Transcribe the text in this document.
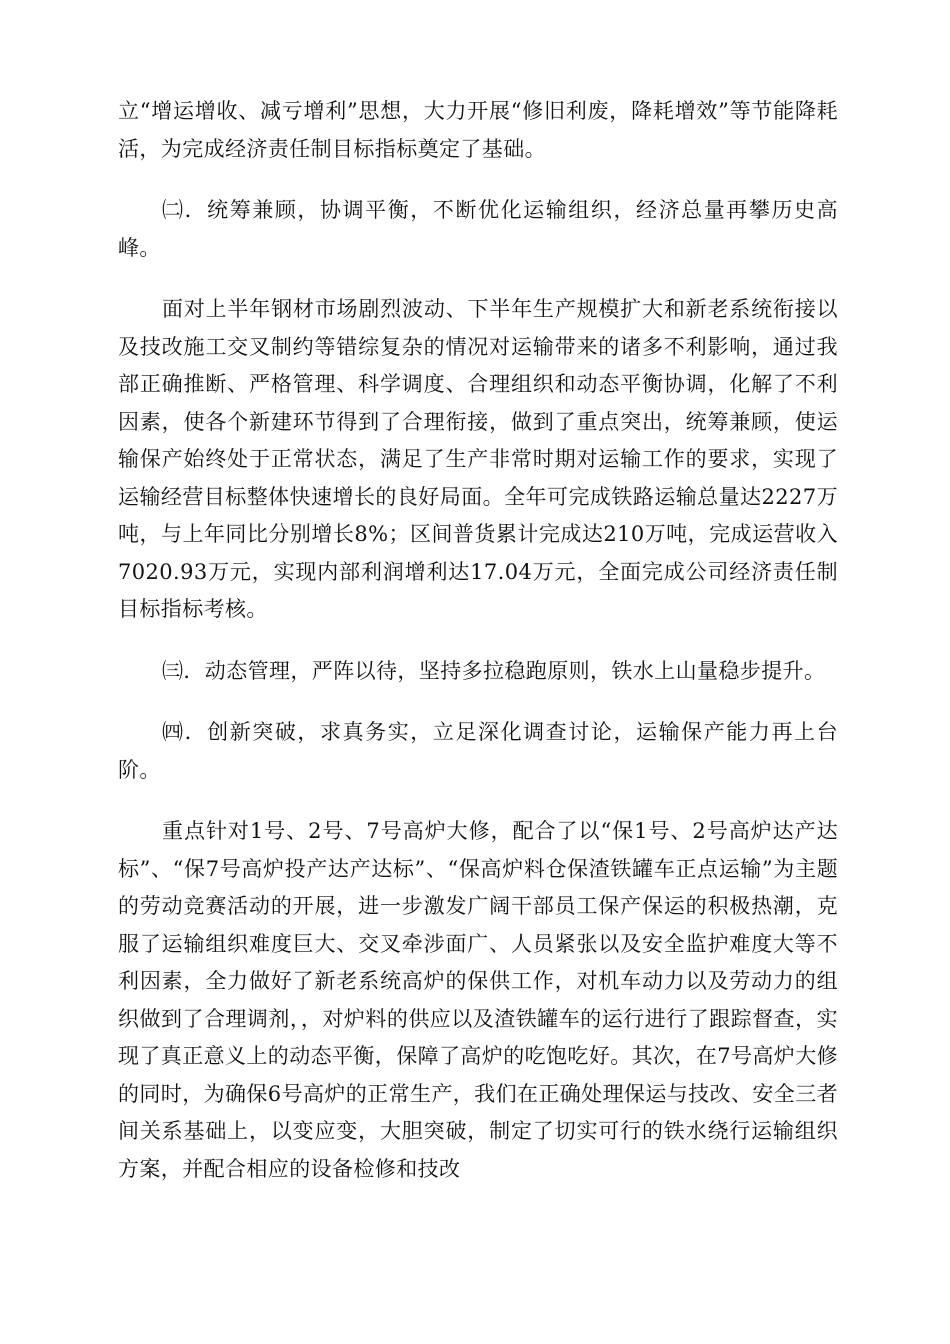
立“增运增收、减亏增利”思想，大力开展“修旧利废，降耗增效”等节能降耗活，为完成经济责任制目标指标奠定了基础。

㈡．统筹兼顾，协调平衡，不断优化运输组织，经济总量再攀历史高峰。

面对上半年钢材市场剧烈波动、下半年生产规模扩大和新老系统衔接以及技改施工交叉制约等错综复杂的情况对运输带来的诸多不利影响，通过我部正确推断、严格管理、科学调度、合理组织和动态平衡协调，化解了不利因素，使各个新建环节得到了合理衔接，做到了重点突出，统筹兼顾，使运输保产始终处于正常状态，满足了生产非常时期对运输工作的要求，实现了运输经营目标整体快速增长的良好局面。全年可完成铁路运输总量达2227万吨，与上年同比分别增长8%；区间普货累计完成达210万吨，完成运营收入7020.93万元，实现内部利润增利达17.04万元，全面完成公司经济责任制目标指标考核。

㈢．动态管理，严阵以待，坚持多拉稳跑原则，铁水上山量稳步提升。

㈣．创新突破，求真务实，立足深化调查讨论，运输保产能力再上台阶。

重点针对1号、2号、7号高炉大修，配合了以“保1号、2号高炉达产达标”、“保7号高炉投产达产达标”、“保高炉料仓保渣铁罐车正点运输”为主题的劳动竞赛活动的开展，进一步激发广阔干部员工保产保运的积极热潮，克服了运输组织难度巨大、交叉牵涉面广、人员紧张以及安全监护难度大等不利因素，全力做好了新老系统高炉的保供工作，对机车动力以及劳动力的组织做到了合理调剂，，对炉料的供应以及渣铁罐车的运行进行了跟踪督查，实现了真正意义上的动态平衡，保障了高炉的吃饱吃好。其次，在7号高炉大修的同时，为确保6号高炉的正常生产，我们在正确处理保运与技改、安全三者间关系基础上，以变应变，大胆突破，制定了切实可行的铁水绕行运输组织方案，并配合相应的设备检修和技改
